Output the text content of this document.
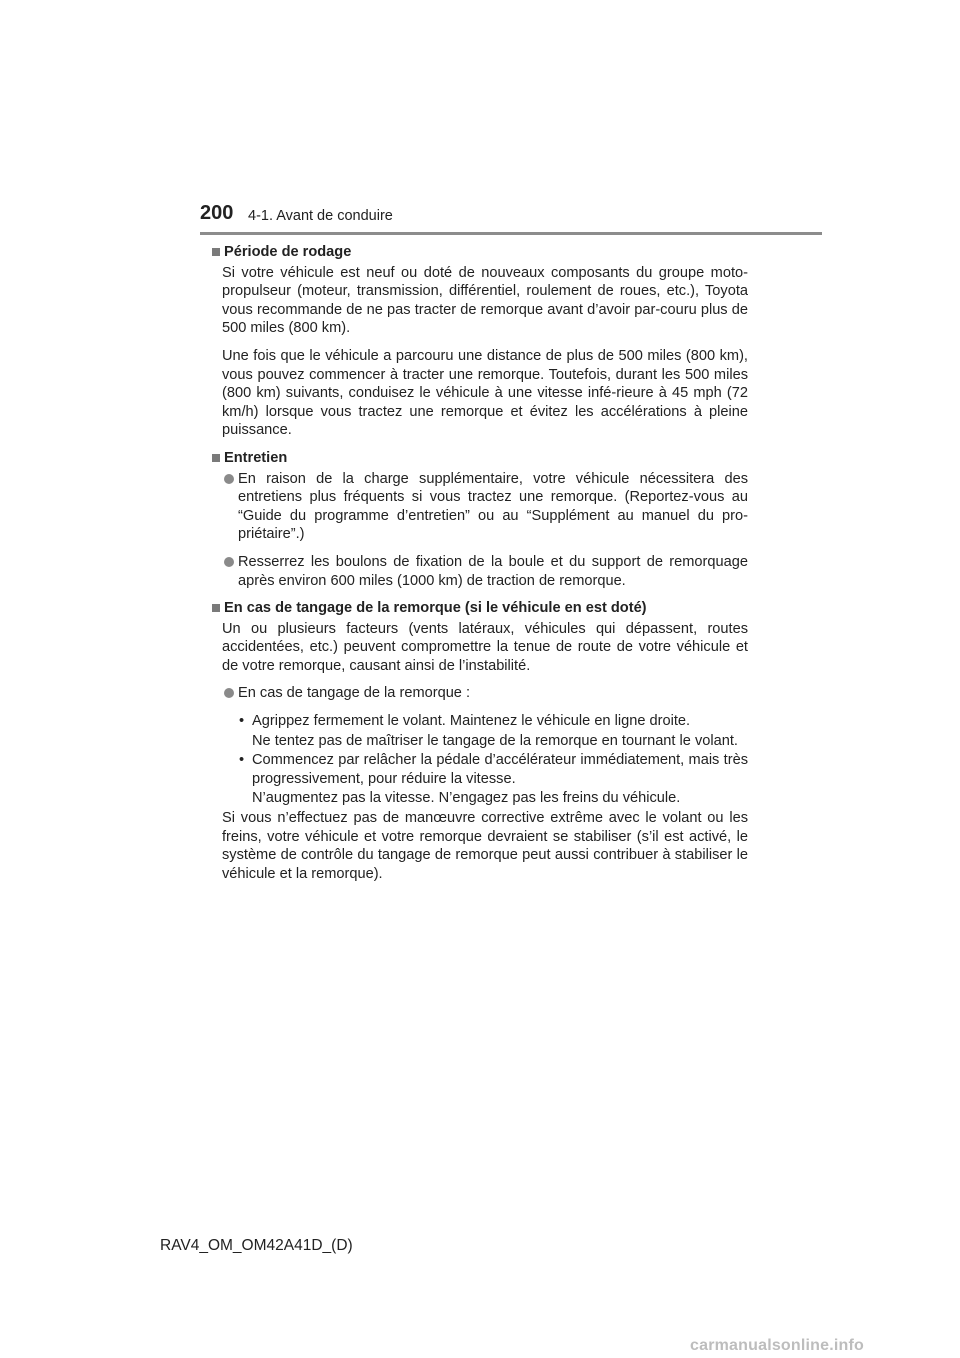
200 4-1. Avant de conduire
Période de rodage
Si votre véhicule est neuf ou doté de nouveaux composants du groupe moto-propulseur (moteur, transmission, différentiel, roulement de roues, etc.), Toyota vous recommande de ne pas tracter de remorque avant d’avoir par-couru plus de 500 miles (800 km).
Une fois que le véhicule a parcouru une distance de plus de 500 miles (800 km), vous pouvez commencer à tracter une remorque. Toutefois, durant les 500 miles (800 km) suivants, conduisez le véhicule à une vitesse infé-rieure à 45 mph (72 km/h) lorsque vous tractez une remorque et évitez les accélérations à pleine puissance.
Entretien
En raison de la charge supplémentaire, votre véhicule nécessitera des entretiens plus fréquents si vous tractez une remorque. (Reportez-vous au “Guide du programme d’entretien” ou au “Supplément au manuel du pro-priétaire”.)
Resserrez les boulons de fixation de la boule et du support de remorquage après environ 600 miles (1000 km) de traction de remorque.
En cas de tangage de la remorque (si le véhicule en est doté)
Un ou plusieurs facteurs (vents latéraux, véhicules qui dépassent, routes accidentées, etc.) peuvent compromettre la tenue de route de votre véhicule et de votre remorque, causant ainsi de l’instabilité.
En cas de tangage de la remorque :
• Agrippez fermement le volant. Maintenez le véhicule en ligne droite.
Ne tentez pas de maîtriser le tangage de la remorque en tournant le volant.
• Commencez par relâcher la pédale d’accélérateur immédiatement, mais très progressivement, pour réduire la vitesse.
N’augmentez pas la vitesse. N’engagez pas les freins du véhicule.
Si vous n’effectuez pas de manœuvre corrective extrême avec le volant ou les freins, votre véhicule et votre remorque devraient se stabiliser (s’il est activé, le système de contrôle du tangage de remorque peut aussi contribuer à stabiliser le véhicule et la remorque).
RAV4_OM_OM42A41D_(D)
carmanualsonline.info
